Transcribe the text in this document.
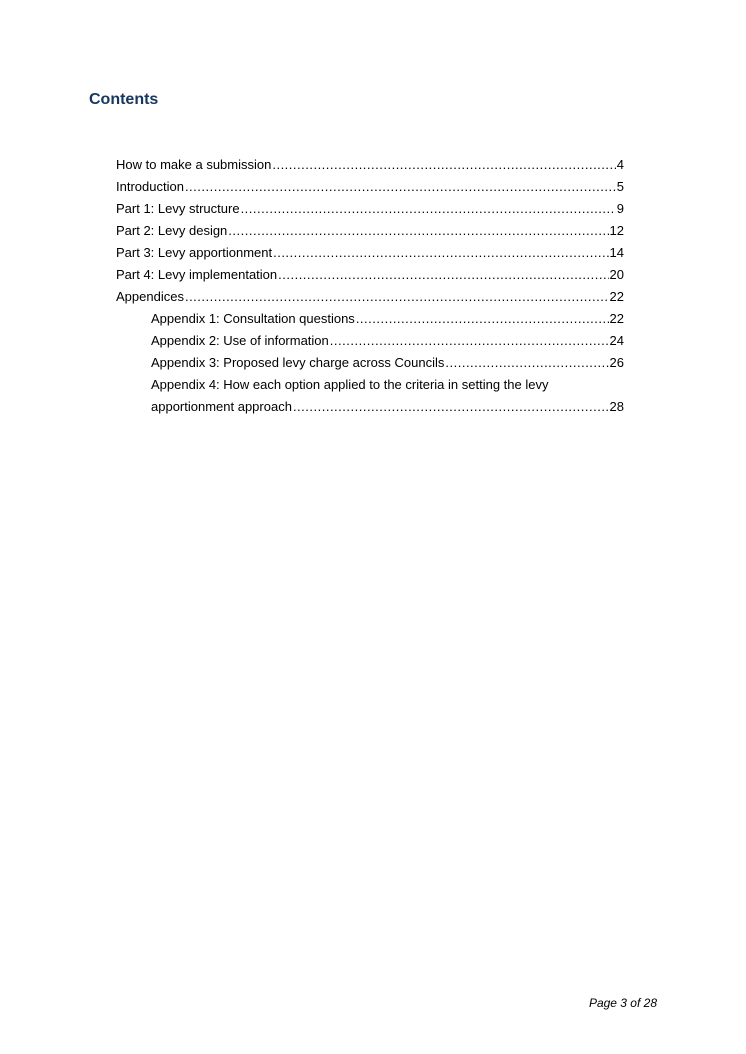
Contents
How to make a submission .....	4
Introduction .....	5
Part 1: Levy structure .....	9
Part 2: Levy design .....	12
Part 3: Levy apportionment .....	14
Part 4: Levy implementation .....	20
Appendices .....	22
Appendix 1: Consultation questions .....	22
Appendix 2: Use of information .....	24
Appendix 3: Proposed levy charge across Councils .....	26
Appendix 4: How each option applied to the criteria in setting the levy
apportionment approach .....	28
Page 3 of 28
